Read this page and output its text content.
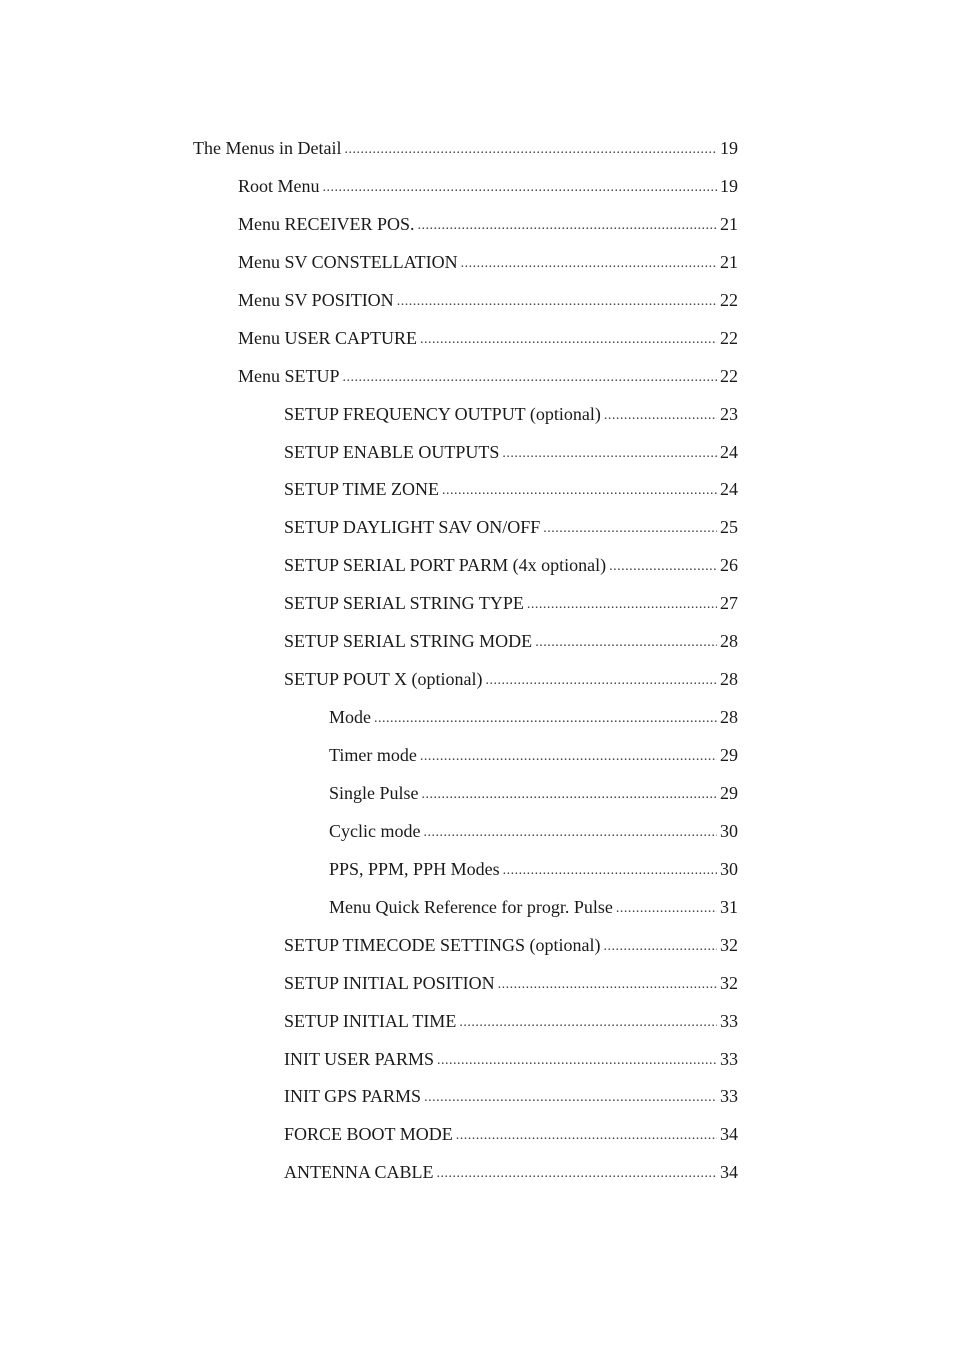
The Menus in Detail .....	19
Root Menu .....	19
Menu RECEIVER POS. .....	21
Menu SV CONSTELLATION .....	21
Menu SV POSITION .....	22
Menu USER CAPTURE .....	22
Menu SETUP .....	22
SETUP FREQUENCY OUTPUT (optional) .....	23
SETUP ENABLE OUTPUTS .....	24
SETUP TIME ZONE .....	24
SETUP DAYLIGHT SAV ON/OFF .....	25
SETUP SERIAL PORT PARM (4x optional) .....	26
SETUP SERIAL STRING TYPE .....	27
SETUP SERIAL STRING MODE .....	28
SETUP POUT X (optional) .....	28
Mode .....	28
Timer mode .....	29
Single Pulse .....	29
Cyclic mode .....	30
PPS, PPM, PPH Modes .....	30
Menu Quick Reference for progr. Pulse .....	31
SETUP TIMECODE SETTINGS (optional) .....	32
SETUP INITIAL POSITION .....	32
SETUP INITIAL TIME .....	33
INIT USER PARMS .....	33
INIT GPS PARMS .....	33
FORCE BOOT MODE .....	34
ANTENNA CABLE .....	34
